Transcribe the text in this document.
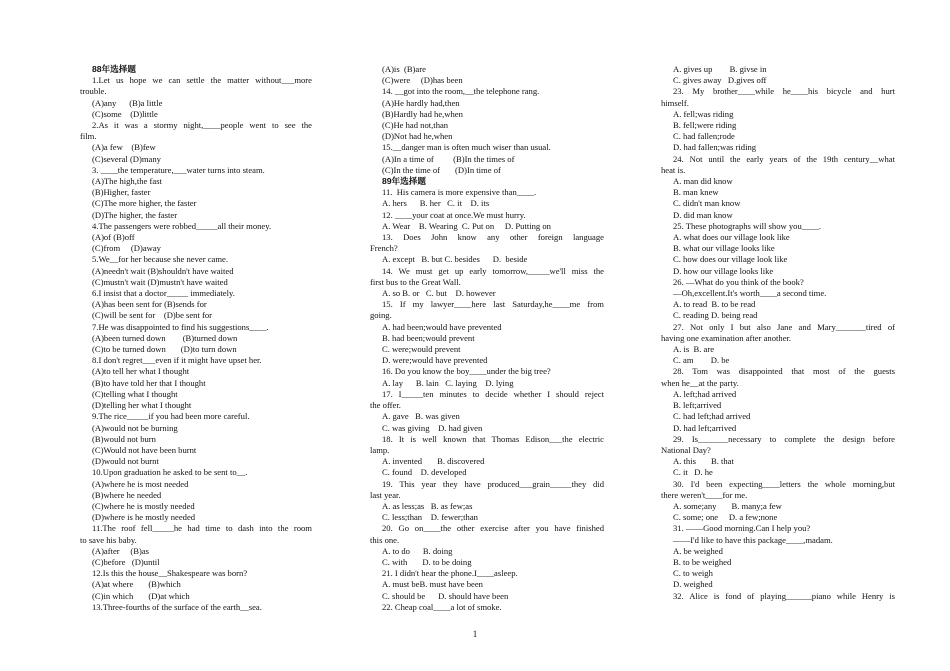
88年选择题
1.Let us hope we can settle the matter without___more
trouble.
(A)any      (B)a little
(C)some    (D)little
2.As it was a stormy night,____people went to see the
film.
(A)a few    (B)few
(C)several (D)many
3. ____the temperature,___water turns into steam.
(A)The high,the fast
(B)Higher, faster
(C)The more higher, the faster
(D)The higher, the faster
4.The passengers were robbed_____all their money.
(A)of (B)off
(C)from     (D)away
5.We__for her because she never came.
(A)needn't wait (B)shouldn't have waited
(C)mustn't wait (D)mustn't have waited
6.I insist that a doctor_____ immediately.
(A)has been sent for (B)sends for
(C)will be sent for    (D)be sent for
7.He was disappointed to find his suggestions____.
(A)been turned down        (B)turned down
(C)to be turned down       (D)to turn down
8.I don't regret___even if it might have upset her.
(A)to tell her what I thought
(B)to have told her that I thought
(C)telling what I thought
(D)telling her what I thought
9.The rice_____if you had been more careful.
(A)would not be burning
(B)would not burn
(C)Would not have been burnt
(D)would not burnt
10.Upon graduation he asked to be sent to__.
(A)where he is most needed
(B)where he needed
(C)where he is mostly needed
(D)where is he mostly needed
11.The roof fell_____he had time to dash into the room
to save his baby.
(A)after     (B)as
(C)before   (D)until
12.Is this the house__Shakespeare was born?
(A)at where       (B)which
(C)in which       (D)at which
13.Three-fourths of the surface of the earth__sea.
(A)is  (B)are
(C)were     (D)has been
14. __got into the room,__the telephone rang.
(A)He hardly had,then
(B)Hardly had he,when
(C)He had not,than
(D)Not had he,when
15.__danger man is often much wiser than usual.
(A)In a time of         (B)In the times of
(C)In the time of       (D)In time of
89年选择题
11.  His camera is more expensive than____.
A. hers      B. her   C. it    D. its
12. ____your coat at once.We must hurry.
A. Wear    B. Wearing  C. Put on     D. Putting on
13. Does John know any other foreign language
French?
A. except   B. but C. besides      D.  beside
14. We must get up early tomorrow,_____we'll miss the
first bus to the Great Wall.
A. so B. or   C. but    D. however
15. If my lawyer____here last Saturday,he____me from
going.
A. had been;would have prevented
B. had been;would prevent
C. were;would prevent
D. were;would have prevented
16. Do you know the boy____under the big tree?
A. lay      B. lain   C. laying    D. lying
17. I_____ten minutes to decide whether I should reject
the offer.
A. gave   B. was given
C. was giving    D. had given
18. It is well known that Thomas Edison___the electric
lamp.
A. invented       B. discovered
C. found    D. developed
19. This year they have produced___grain_____they did
last year.
A. as less;as   B. as few;as
C. less;than    D. fewer;than
20. Go on____the other exercise after you have finished
this one.
A. to do      B. doing
C. with       D. to be doing
21. I didn't hear the phone.I____asleep.
A. must beB. must have been
C. should be      D. should have been
22. Cheap coal____a lot of smoke.
A. gives up        B. givse in
C. gives away   D.gives off
23. My brother____while he____his bicycle and hurt
himself.
A. fell;was riding
B. fell;were riding
C. had fallen;rode
D. had fallen;was riding
24. Not until the early years of the 19th century__what
heat is.
A. man did know
B. man knew
C. didn't man know
D. did man know
25. These photographs will show you____.
A. what does our village look like
B. what our village looks like
C. how does our village look like
D. how our village looks like
26. —What do you think of the book?
—Oh,excellent.It's worth____a second time.
A. to read  B. to be read
C. reading D. being read
27. Not only I but also Jane and Mary_______tired of
having one examination after another.
A. is  B. are
C. am        D. be
28. Tom was disappointed that most of the guests
when he__at the party.
A. left;had arrived
B. left;arrived
C. had left;had arrived
D. had left;arrived
29. Is_______necessary to complete the design before
National Day?
A. this       B. that
C. it   D. he
30. I'd been expecting____letters the whole morning,but
there weren't____for me.
A. some;any       B. many;a few
C. some; one     D. a few;none
31. ——Good morning.Can I help you?
——I'd like to have this package____,madam.
A. be weighed
B. to be weighed
C. to weigh
D. weighed
32. Alice is fond of playing______piano while Henry is
1
